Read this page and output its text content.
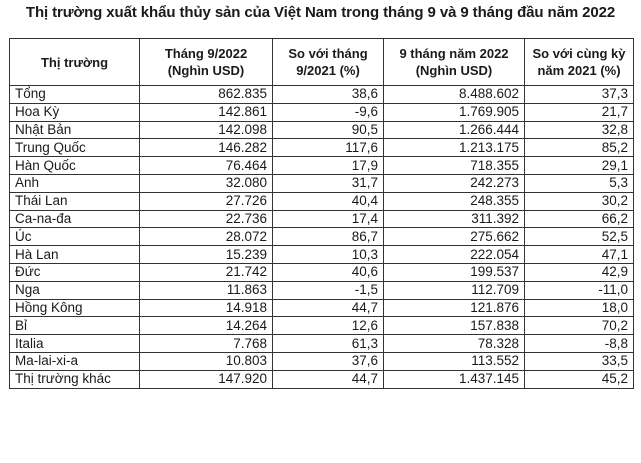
Thị trường xuất khẩu thủy sản của Việt Nam trong tháng 9 và 9 tháng đầu năm 2022
Thị trường	Tháng 9/2022 (Nghìn USD)	So với tháng 9/2021 (%)	9 tháng năm 2022 (Nghìn USD)	So với cùng kỳ năm 2021 (%)
Tổng	862.835	38,6	8.488.602	37,3
Hoa Kỳ	142.861	-9,6	1.769.905	21,7
Nhật Bản	142.098	90,5	1.266.444	32,8
Trung Quốc	146.282	117,6	1.213.175	85,2
Hàn Quốc	76.464	17,9	718.355	29,1
Anh	32.080	31,7	242.273	5,3
Thái Lan	27.726	40,4	248.355	30,2
Ca-na-đa	22.736	17,4	311.392	66,2
Úc	28.072	86,7	275.662	52,5
Hà Lan	15.239	10,3	222.054	47,1
Đức	21.742	40,6	199.537	42,9
Nga	11.863	-1,5	112.709	-11,0
Hồng Kông	14.918	44,7	121.876	18,0
Bỉ	14.264	12,6	157.838	70,2
Italia	7.768	61,3	78.328	-8,8
Ma-lai-xi-a	10.803	37,6	113.552	33,5
Thị trường khác	147.920	44,7	1.437.145	45,2
